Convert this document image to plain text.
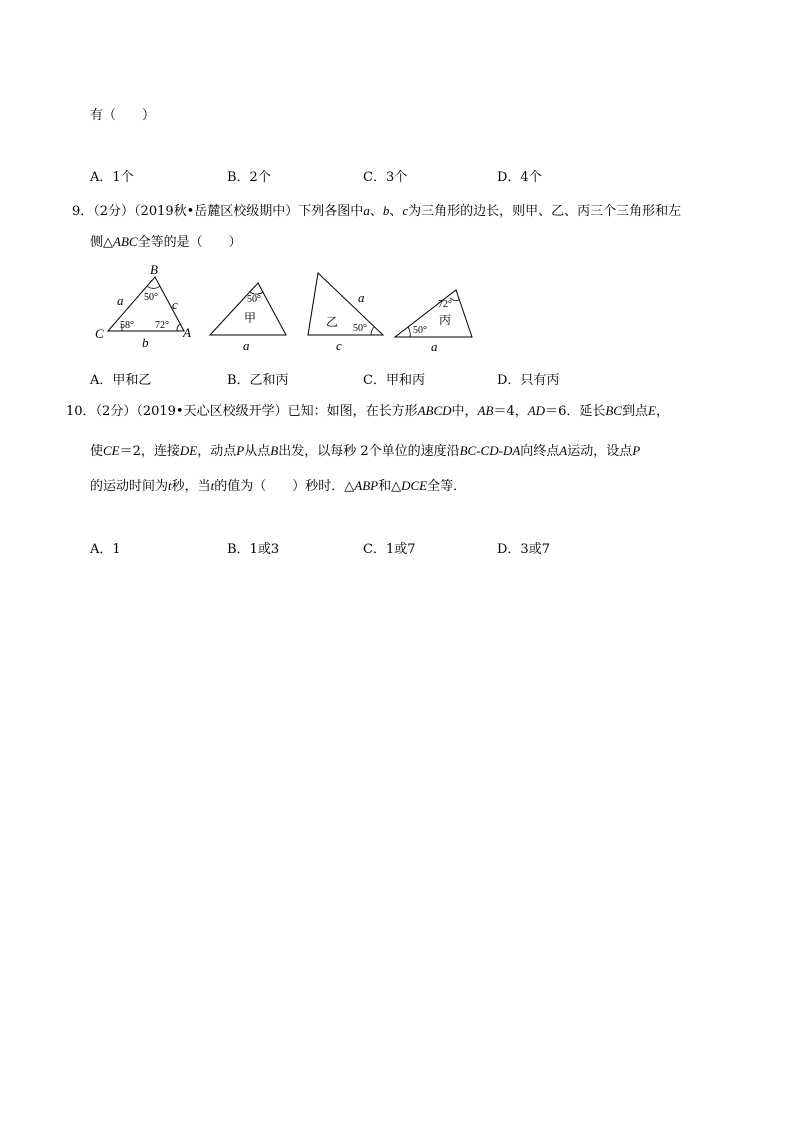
有（　　）
A．1个	B．2个	C．3个	D．4个
9．（2分）（2019秋•岳麓区校级期中）下列各图中a、b、c为三角形的边长，则甲、乙、丙三个三角形和左
侧△ABC全等的是（　　）
B
C	A
a	c
b
50°
58° 72°
50°
甲
a
50°
乙
a
c
72°
50°
丙
a
A．甲和乙	B．乙和丙	C．甲和丙	D．只有丙
10．（2分）（2019•天心区校级开学）已知：如图，在长方形ABCD中，AB＝4，AD＝6．延长BC到点E，
使CE＝2，连接DE，动点P从点B出发，以每秒 2个单位的速度沿BC-CD-DA向终点A运动，设点P
的运动时间为t秒，当t的值为（　　）秒时．△ABP和△DCE全等．
A．1	B．1或3	C．1或7	D．3或7
